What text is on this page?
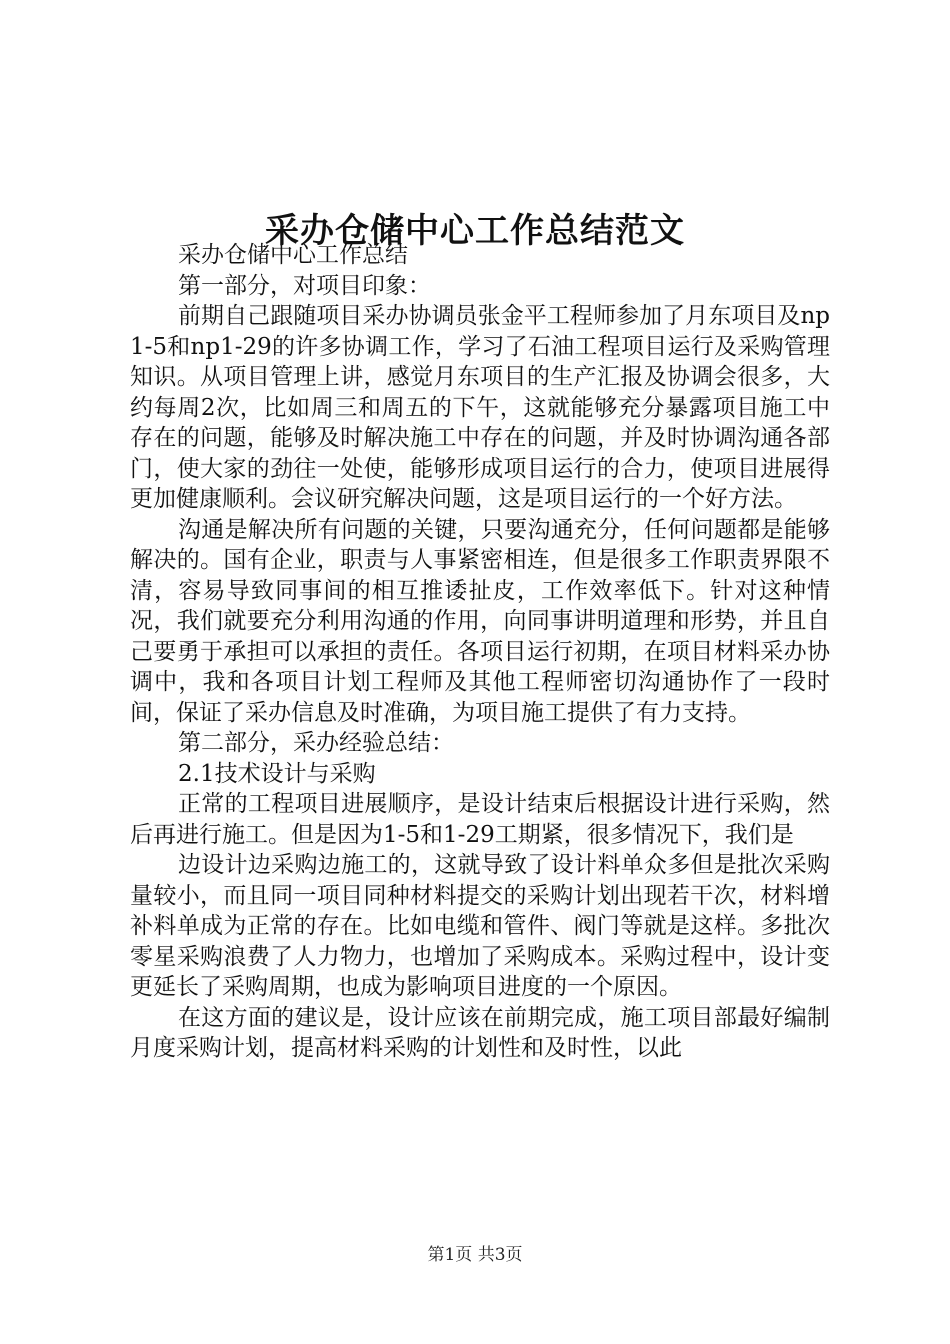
采办仓储中心工作总结范文

采办仓储中心工作总结

第一部分，对项目印象：

前期自己跟随项目采办协调员张金平工程师参加了月东项目及np1-5和np1-29的许多协调工作，学习了石油工程项目运行及采购管理知识。从项目管理上讲，感觉月东项目的生产汇报及协调会很多，大约每周2次，比如周三和周五的下午，这就能够充分暴露项目施工中存在的问题，能够及时解决施工中存在的问题，并及时协调沟通各部门，使大家的劲往一处使，能够形成项目运行的合力，使项目进展得更加健康顺利。会议研究解决问题，这是项目运行的一个好方法。

沟通是解决所有问题的关键，只要沟通充分，任何问题都是能够解决的。国有企业，职责与人事紧密相连，但是很多工作职责界限不清，容易导致同事间的相互推诿扯皮，工作效率低下。针对这种情况，我们就要充分利用沟通的作用，向同事讲明道理和形势，并且自己要勇于承担可以承担的责任。各项目运行初期，在项目材料采办协调中，我和各项目计划工程师及其他工程师密切沟通协作了一段时间，保证了采办信息及时准确，为项目施工提供了有力支持。

第二部分，采办经验总结：

2.1技术设计与采购

正常的工程项目进展顺序，是设计结束后根据设计进行采购，然后再进行施工。但是因为1-5和1-29工期紧，很多情况下，我们是

边设计边采购边施工的，这就导致了设计料单众多但是批次采购量较小，而且同一项目同种材料提交的采购计划出现若干次，材料增补料单成为正常的存在。比如电缆和管件、阀门等就是这样。多批次零星采购浪费了人力物力，也增加了采购成本。采购过程中，设计变更延长了采购周期，也成为影响项目进度的一个原因。

在这方面的建议是，设计应该在前期完成，施工项目部最好编制月度采购计划，提高材料采购的计划性和及时性，以此

第1页 共3页
